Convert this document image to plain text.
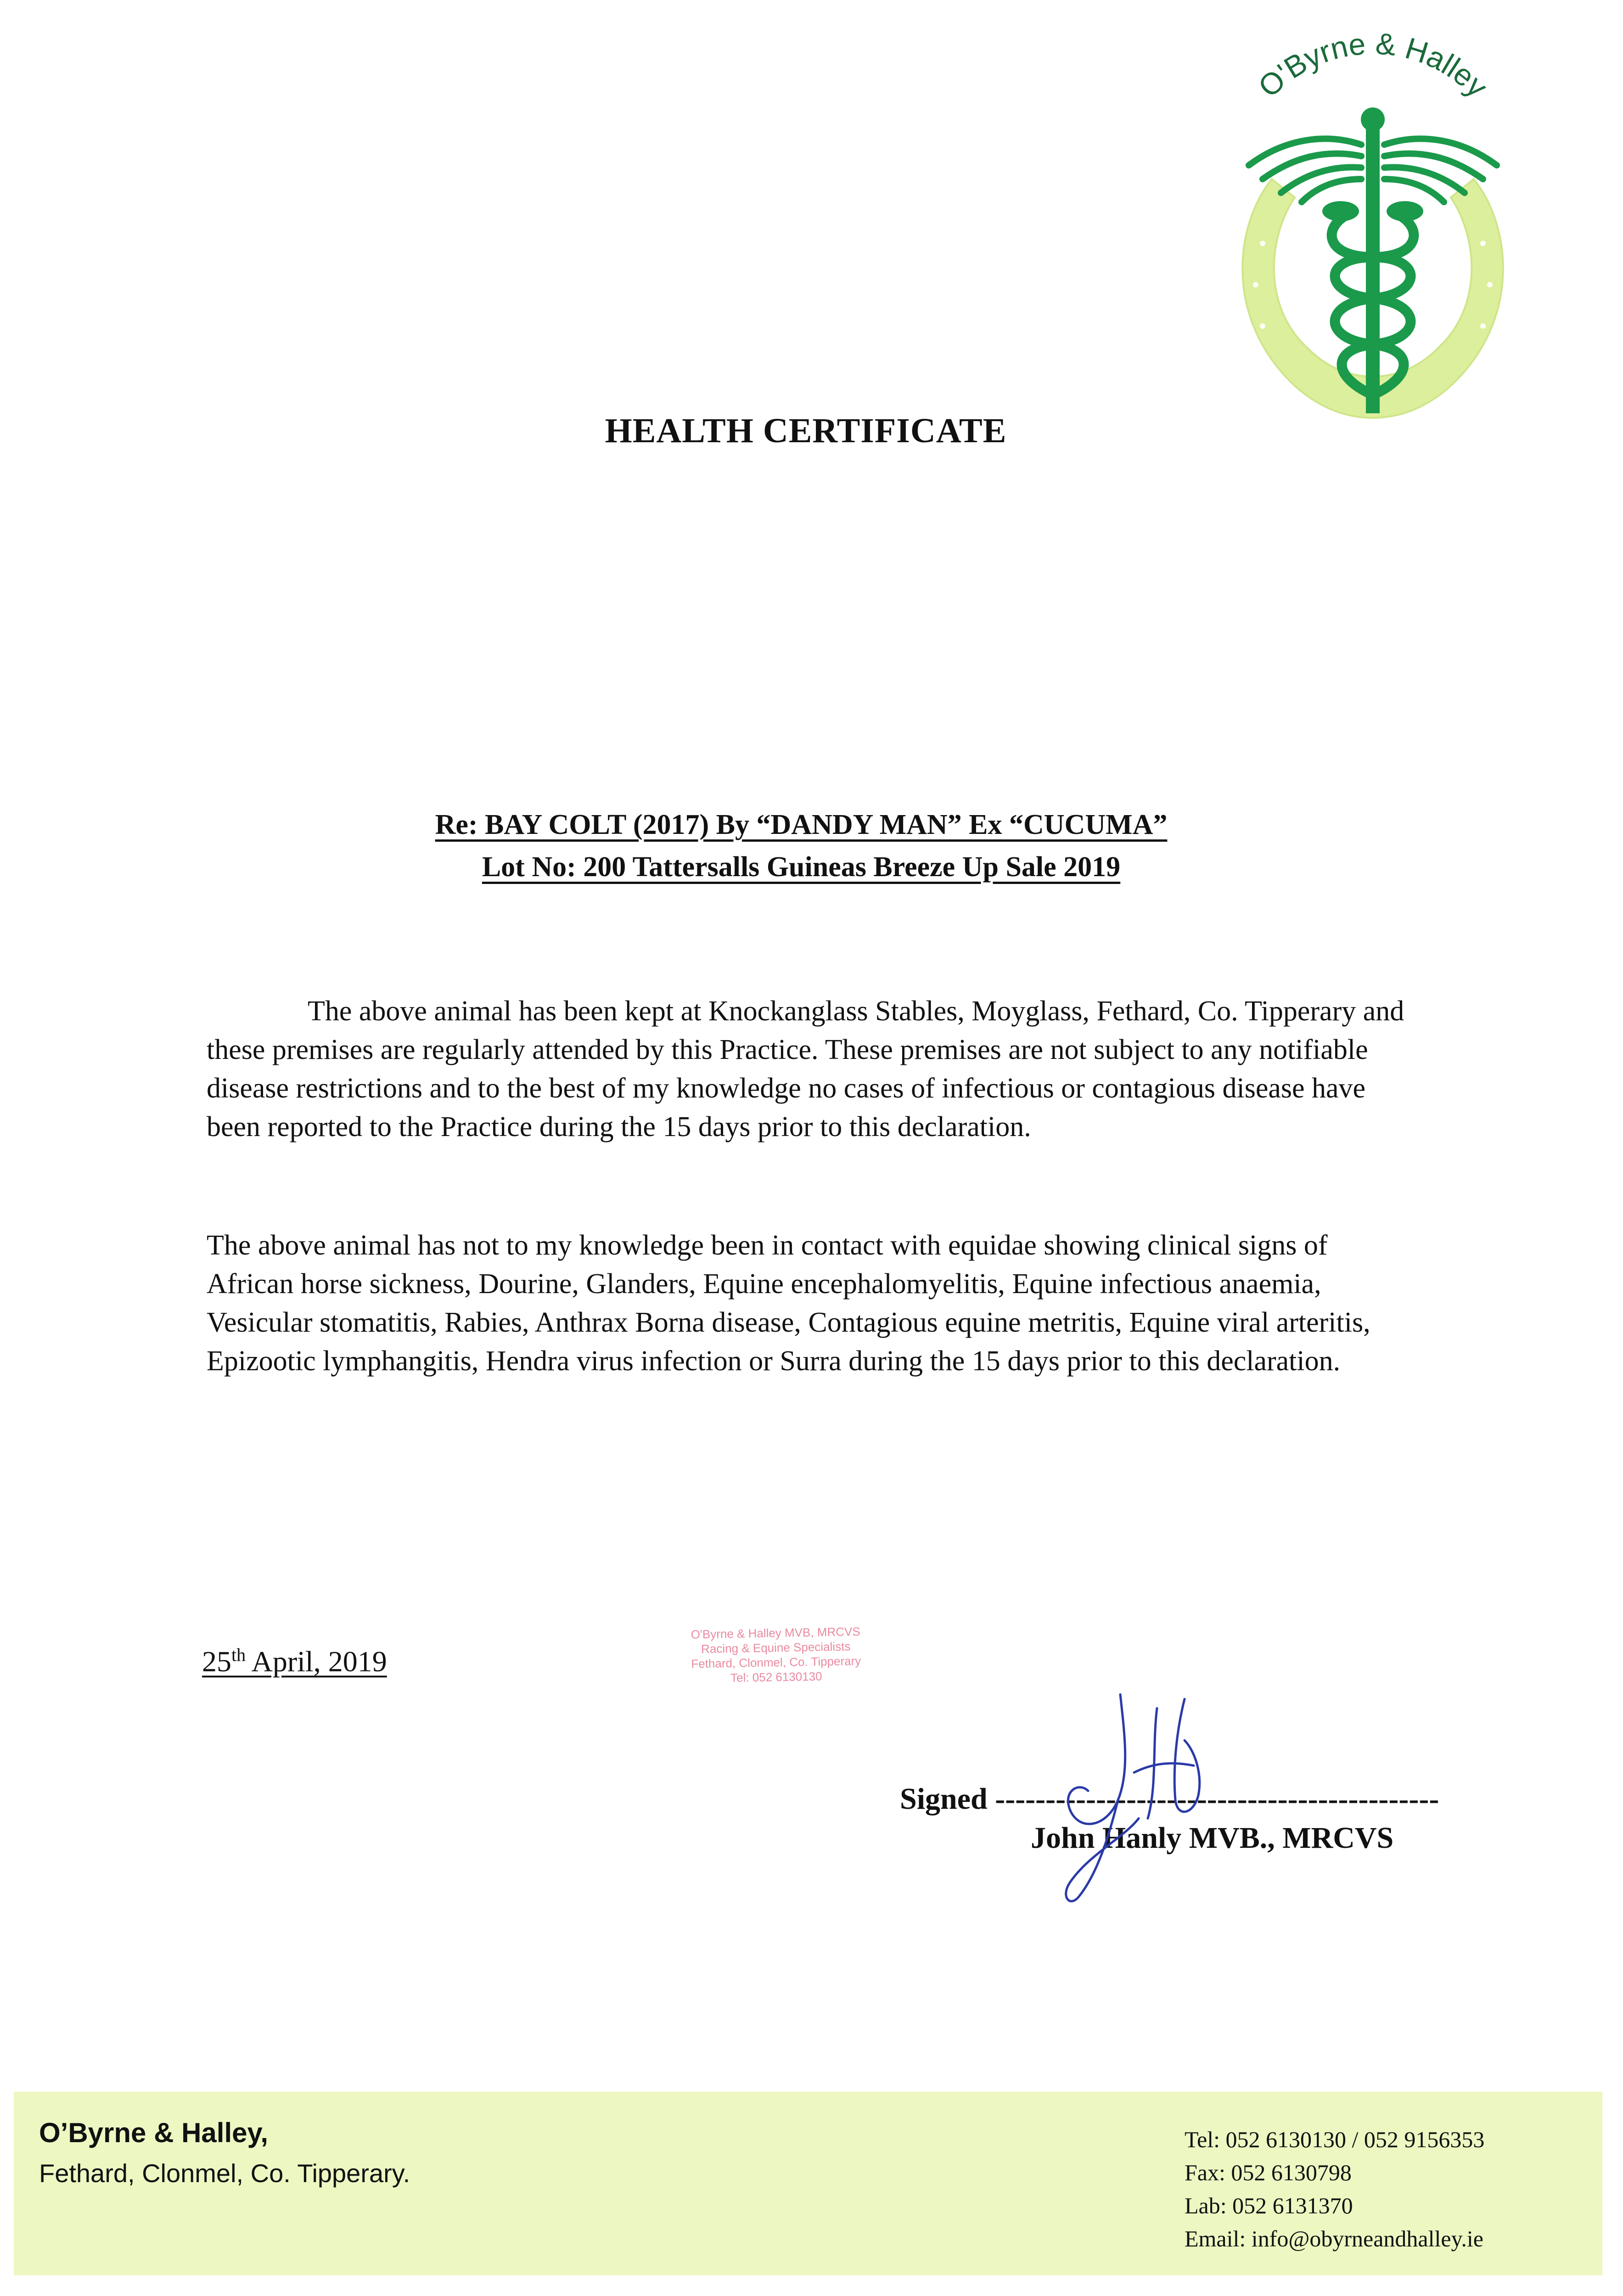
O'Byrne & Halley
HEALTH CERTIFICATE
Re: BAY COLT (2017) By “DANDY MAN” Ex “CUCUMA”
Lot No: 200 Tattersalls Guineas Breeze Up Sale 2019

The above animal has been kept at Knockanglass Stables, Moyglass, Fethard, Co. Tipperary and these premises are regularly attended by this Practice. These premises are not subject to any notifiable disease restrictions and to the best of my knowledge no cases of infectious or contagious disease have been reported to the Practice during the 15 days prior to this declaration.

The above animal has not to my knowledge been in contact with equidae showing clinical signs of African horse sickness, Dourine, Glanders, Equine encephalomyelitis, Equine infectious anaemia, Vesicular stomatitis, Rabies, Anthrax Borna disease, Contagious equine metritis, Equine viral arteritis, Epizootic lymphangitis, Hendra virus infection or Surra during the 15 days prior to this declaration.

25th April, 2019
O'Byrne & Halley MVB, MRCVS
Racing & Equine Specialists
Fethard, Clonmel, Co. Tipperary
Tel: 052 6130130
Signed --------------------------------------------
John Hanly MVB., MRCVS
O’Byrne & Halley,
Fethard, Clonmel, Co. Tipperary.
Tel: 052 6130130 / 052 9156353
Fax: 052 6130798
Lab: 052 6131370
Email: info@obyrneandhalley.ie
